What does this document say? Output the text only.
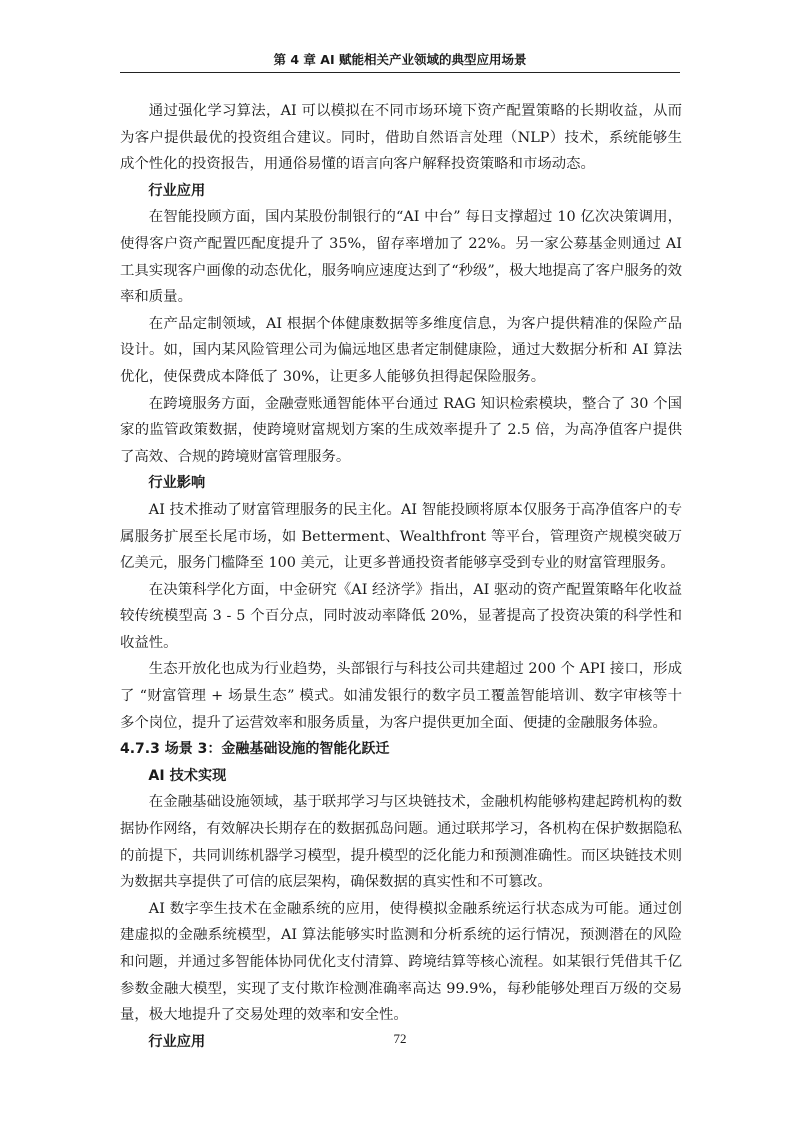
第 4 章 AI 赋能相关产业领域的典型应用场景

通过强化学习算法，AI 可以模拟在不同市场环境下资产配置策略的长期收益，从而为客户提供最优的投资组合建议。同时，借助自然语言处理（NLP）技术，系统能够生成个性化的投资报告，用通俗易懂的语言向客户解释投资策略和市场动态。

行业应用

在智能投顾方面，国内某股份制银行的“AI 中台” 每日支撑超过 10 亿次决策调用，使得客户资产配置匹配度提升了 35%，留存率增加了 22%。另一家公募基金则通过 AI 工具实现客户画像的动态优化，服务响应速度达到了“秒级”，极大地提高了客户服务的效率和质量。

在产品定制领域，AI 根据个体健康数据等多维度信息，为客户提供精准的保险产品设计。如，国内某风险管理公司为偏远地区患者定制健康险，通过大数据分析和 AI 算法优化，使保费成本降低了 30%，让更多人能够负担得起保险服务。

在跨境服务方面，金融壹账通智能体平台通过 RAG 知识检索模块，整合了 30 个国家的监管政策数据，使跨境财富规划方案的生成效率提升了 2.5 倍，为高净值客户提供了高效、合规的跨境财富管理服务。

行业影响

AI 技术推动了财富管理服务的民主化。AI 智能投顾将原本仅服务于高净值客户的专属服务扩展至长尾市场，如 Betterment、Wealthfront 等平台，管理资产规模突破万亿美元，服务门槛降至 100 美元，让更多普通投资者能够享受到专业的财富管理服务。

在决策科学化方面，中金研究《AI 经济学》指出，AI 驱动的资产配置策略年化收益较传统模型高 3 - 5 个百分点，同时波动率降低 20%，显著提高了投资决策的科学性和收益性。

生态开放化也成为行业趋势，头部银行与科技公司共建超过 200 个 API 接口，形成了 “财富管理 + 场景生态” 模式。如浦发银行的数字员工覆盖智能培训、数字审核等十多个岗位，提升了运营效率和服务质量，为客户提供更加全面、便捷的金融服务体验。

4.7.3 场景 3：金融基础设施的智能化跃迁

AI 技术实现

在金融基础设施领域，基于联邦学习与区块链技术，金融机构能够构建起跨机构的数据协作网络，有效解决长期存在的数据孤岛问题。通过联邦学习，各机构在保护数据隐私的前提下，共同训练机器学习模型，提升模型的泛化能力和预测准确性。而区块链技术则为数据共享提供了可信的底层架构，确保数据的真实性和不可篡改。

AI 数字孪生技术在金融系统的应用，使得模拟金融系统运行状态成为可能。通过创建虚拟的金融系统模型，AI 算法能够实时监测和分析系统的运行情况，预测潜在的风险和问题，并通过多智能体协同优化支付清算、跨境结算等核心流程。如某银行凭借其千亿参数金融大模型，实现了支付欺诈检测准确率高达 99.9%，每秒能够处理百万级的交易量，极大地提升了交易处理的效率和安全性。

行业应用	72
